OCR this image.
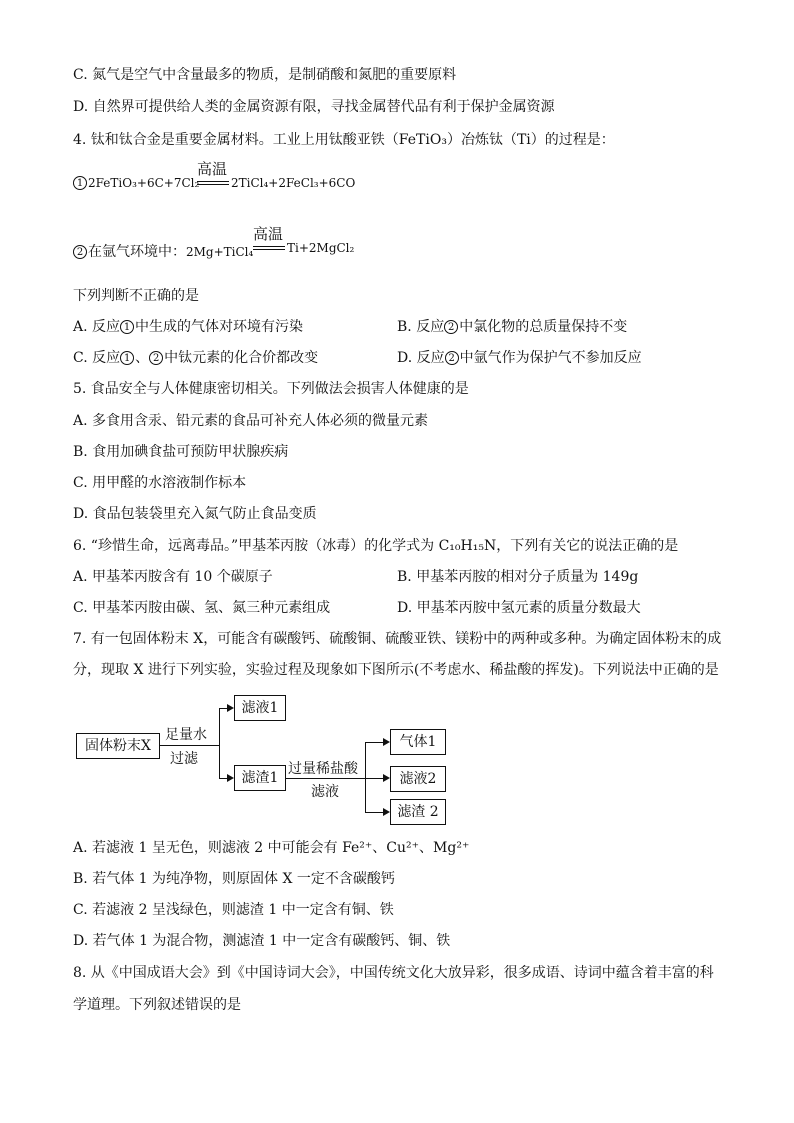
C. 氮气是空气中含量最多的物质，是制硝酸和氮肥的重要原料
D. 自然界可提供给人类的金属资源有限，寻找金属替代品有利于保护金属资源
4. 钛和钛合金是重要金属材料。工业上用钛酸亚铁（FeTiO₃）冶炼钛（Ti）的过程是：
1 2FeTiO₃+6C+7Cl₂
高温
2TiCl₄+2FeCl₃+6CO
2 在氩气环境中：2Mg+TiCl₄
高温
Ti+2MgCl₂
下列判断不正确的是
A. 反应 1 中生成的气体对环境有污染	B. 反应 2 中氯化物的总质量保持不变
C. 反应 1 、 2 中钛元素的化合价都改变	D. 反应 2 中氩气作为保护气不参加反应
5. 食品安全与人体健康密切相关。下列做法会损害人体健康的是
A. 多食用含汞、铅元素的食品可补充人体必须的微量元素
B. 食用加碘食盐可预防甲状腺疾病
C. 用甲醛的水溶液制作标本
D. 食品包装袋里充入氮气防止食品变质
6. “珍惜生命，远离毒品。”甲基苯丙胺（冰毒）的化学式为 C₁₀H₁₅N，下列有关它的说法正确的是
A. 甲基苯丙胺含有 10 个碳原子	B. 甲基苯丙胺的相对分子质量为 149g
C. 甲基苯丙胺由碳、氢、氮三种元素组成	D. 甲基苯丙胺中氢元素的质量分数最大
7. 有一包固体粉末 X，可能含有碳酸钙、硫酸铜、硫酸亚铁、镁粉中的两种或多种。为确定固体粉末的成
分，现取 X 进行下列实验，实验过程及现象如下图所示(不考虑水、稀盐酸的挥发)。下列说法中正确的是
固体粉末X
足量水
过滤
滤液1
滤渣1
过量稀盐酸
滤液
气体1
滤液2
滤渣 2
A. 若滤液 1 呈无色，则滤液 2 中可能会有 Fe²⁺、Cu²⁺、Mg²⁺
B. 若气体 1 为纯净物，则原固体 X 一定不含碳酸钙
C. 若滤液 2 呈浅绿色，则滤渣 1 中一定含有铜、铁
D. 若气体 1 为混合物，测滤渣 1 中一定含有碳酸钙、铜、铁
8. 从《中国成语大会》到《中国诗词大会》，中国传统文化大放异彩，很多成语、诗词中蕴含着丰富的科
学道理。下列叙述错误的是
